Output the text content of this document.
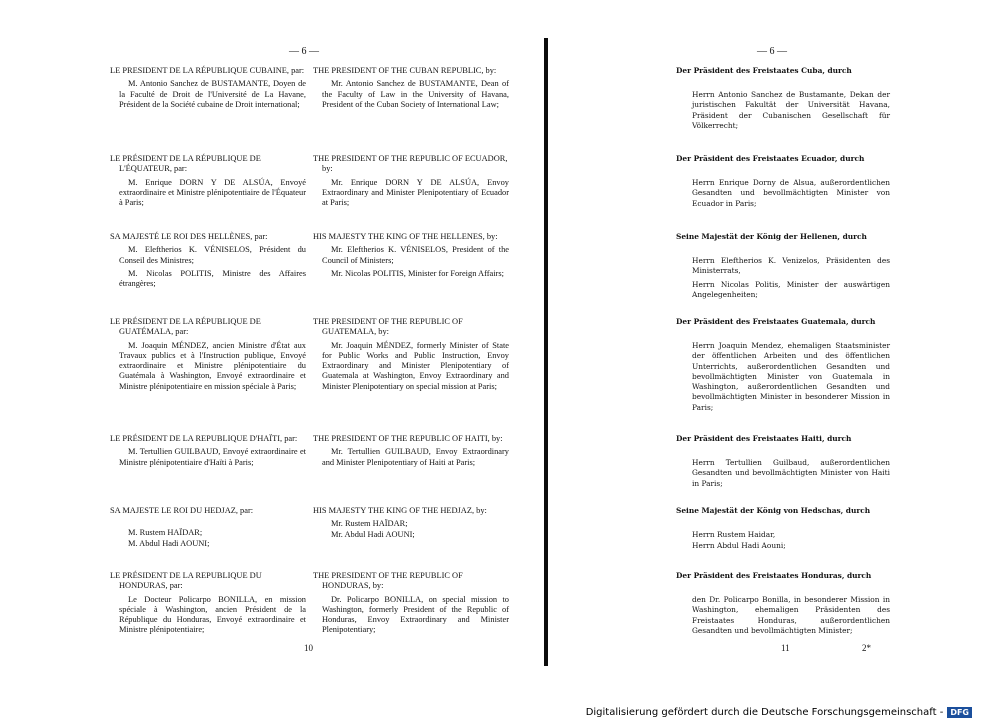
— 6 —
LE PRESIDENT DE LA RÉPUBLIQUE CUBAINE, par:
M. Antonio Sanchez de BUSTAMANTE, Doyen de la Faculté de Droit de l'Université de La Havane, Président de la Société cubaine de Droit international;
LE PRÉSIDENT DE LA RÉPUBLIQUE DE L'ÉQUATEUR, par:
M. Enrique DORN Y DE ALSÚA, Envoyé extraordinaire et Ministre plénipotentiaire de l'Équateur à Paris;
SA MAJESTÉ LE ROI DES HELLÈNES, par:
M. Eleftherios K. VÉNISELOS, Président du Conseil des Ministres;
M. Nicolas POLITIS, Ministre des Affaires étrangères;
LE PRÉSIDENT DE LA RÉPUBLIQUE DE GUATÉMALA, par:
M. Joaquin MÉNDEZ, ancien Ministre d'État aux Travaux publics et à l'Instruction publique, Envoyé extraordinaire et Ministre plénipotentiaire du Guatémala à Washington, Envoyé extraordinaire et Ministre plénipotentiaire en mission spéciale à Paris;
LE PRÉSIDENT DE LA REPUBLIQUE D'HAÏTI, par:
M. Tertullien GUILBAUD, Envoyé extraordinaire et Ministre plénipotentiaire d'Haïti à Paris;
SA MAJESTE LE ROI DU HEDJAZ, par:
M. Rustem HAÏDAR;
M. Abdul Hadi AOUNI;
LE PRÉSIDENT DE LA REPUBLIQUE DU HONDURAS, par:
Le Docteur Policarpo BONILLA, en mission spéciale à Washington, ancien Président de la République du Honduras, Envoyé extraordinaire et Ministre plénipotentiaire;
THE PRESIDENT OF THE CUBAN REPUBLIC, by:
Mr. Antonio Sanchez de BUSTAMANTE, Dean of the Faculty of Law in the University of Havana, President of the Cuban Society of International Law;
THE PRESIDENT OF THE REPUBLIC OF ECUADOR, by:
Mr. Enrique DORN Y DE ALSÚA, Envoy Extraordinary and Minister Plenipotentiary of Ecuador at Paris;
HIS MAJESTY THE KING OF THE HELLENES, by:
Mr. Eleftherios K. VÉNISELOS, President of the Council of Ministers;
Mr. Nicolas POLITIS, Minister for Foreign Affairs;
THE PRESIDENT OF THE REPUBLIC OF GUATEMALA, by:
Mr. Joaquin MÉNDEZ, formerly Minister of State for Public Works and Public Instruction, Envoy Extraordinary and Minister Plenipotentiary of Guatemala at Washington, Envoy Extraordinary and Minister Plenipotentiary on special mission at Paris;
THE PRESIDENT OF THE REPUBLIC OF HAITI, by:
Mr. Tertullien GUILBAUD, Envoy Extraordinary and Minister Plenipotentiary of Haiti at Paris;
HIS MAJESTY THE KING OF THE HEDJAZ, by:
Mr. Rustem HAÏDAR;
Mr. Abdul Hadi AOUNI;
THE PRESIDENT OF THE REPUBLIC OF HONDURAS, by:
Dr. Policarpo BONILLA, on special mission to Washington, formerly President of the Republic of Honduras, Envoy Extraordinary and Minister Plenipotentiary;
10
— 6 —
Der Präsident des Freistaates Cuba, durch
Herrn Antonio Sanchez de Bustamante, Dekan der juristischen Fakultät der Universität Havana, Präsident der Cubanischen Gesellschaft für Völkerrecht;
Der Präsident des Freistaates Ecuador, durch
Herrn Enrique Dorny de Alsua, außerordentlichen Gesandten und bevollmächtigten Minister von Ecuador in Paris;
Seine Majestät der König der Hellenen, durch
Herrn Eleftherios K. Venizelos, Präsidenten des Ministerrats,
Herrn Nicolas Politis, Minister der auswärtigen Angelegenheiten;
Der Präsident des Freistaates Guatemala, durch
Herrn Joaquin Mendez, ehemaligen Staatsminister der öffentlichen Arbeiten und des öffentlichen Unterrichts, außerordentlichen Gesandten und bevollmächtigten Minister von Guatemala in Washington, außerordentlichen Gesandten und bevollmächtigten Minister in besonderer Mission in Paris;
Der Präsident des Freistaates Haiti, durch
Herrn Tertullien Guilbaud, außerordentlichen Gesandten und bevollmächtigten Minister von Haiti in Paris;
Seine Majestät der König von Hedschas, durch
Herrn Rustem Haidar,
Herrn Abdul Hadi Aouni;
Der Präsident des Freistaates Honduras, durch
den Dr. Policarpo Bonilla, in besonderer Mission in Washington, ehemaligen Präsidenten des Freistaates Honduras, außerordentlichen Gesandten und bevollmächtigten Minister;
11	2*
Digitalisierung gefördert durch die Deutsche Forschungsgemeinschaft - DFG
